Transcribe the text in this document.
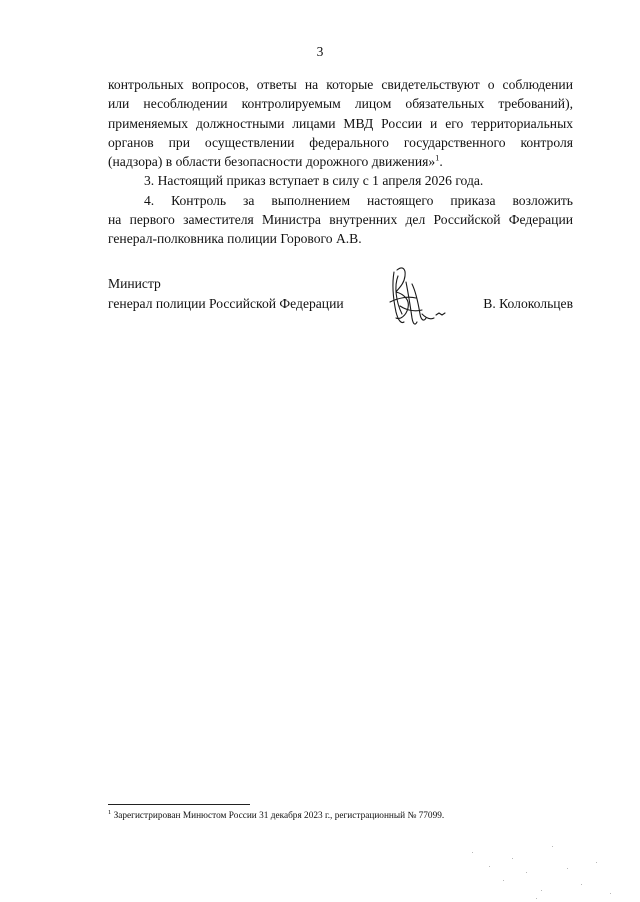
3

контрольных вопросов, ответы на которые свидетельствуют о соблюдении
или несоблюдении контролируемым лицом обязательных требований),
применяемых должностными лицами МВД России и его территориальных
органов при осуществлении федерального государственного контроля
(надзора) в области безопасности дорожного движения»$^1$.

3. Настоящий приказ вступает в силу с 1 апреля 2026 года.

4. Контроль за выполнением настоящего приказа возложить
на первого заместителя Министра внутренних дел Российской Федерации
генерал-полковника полиции Горового А.В.

Министр
генерал полиции Российской Федерации	В. Колокольцев
$^1$ Зарегистрирован Минюстом России 31 декабря 2023 г., регистрационный № 77099.
